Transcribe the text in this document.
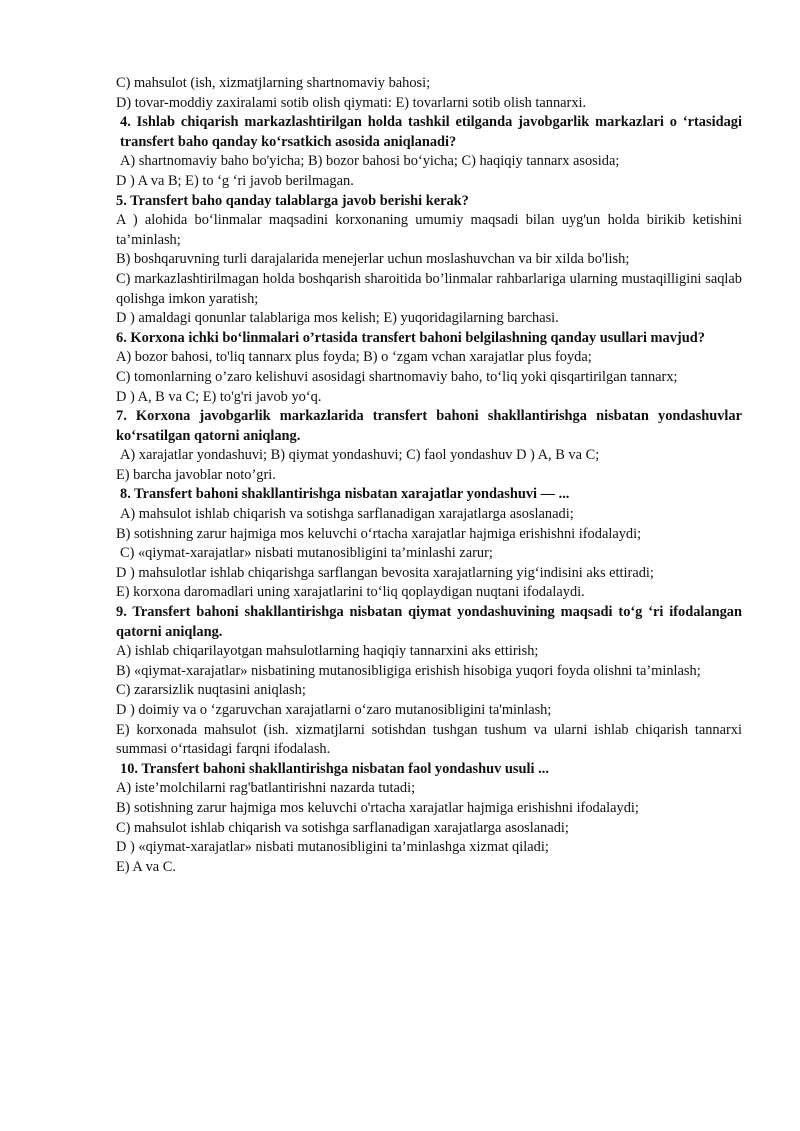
C) mahsulot (ish, xizmatjlarning shartnomaviy bahosi;

D) tovar-moddiy zaxiralami sotib olish qiymati: E) tovarlarni sotib olish tannarxi.

4. Ishlab chiqarish markazlashtirilgan holda tashkil etilganda javobgarlik markazlari o ‘rtasidagi transfert baho qanday ko‘rsatkich asosida aniqlanadi?

A) shartnomaviy baho bo'yicha; B) bozor bahosi bo‘yicha; C) haqiqiy tannarx asosida;

D ) A va B; E) to ‘g ‘ri javob berilmagan.

5. Transfert baho qanday talablarga javob berishi kerak?

A ) alohida bo‘linmalar maqsadini korxonaning umumiy maqsadi bilan uyg'un holda birikib ketishini ta’minlash;

B) boshqaruvning turli darajalarida menejerlar uchun moslashuvchan va bir xilda bo'lish;

C) markazlashtirilmagan holda boshqarish sharoitida bo’linmalar rahbarlariga ularning mustaqilligini saqlab qolishga imkon yaratish;

D ) amaldagi qonunlar talablariga mos kelish; E) yuqoridagilarning barchasi.

6. Korxona ichki bo‘linmalari o’rtasida transfert bahoni belgilashning qanday usullari mavjud?

A) bozor bahosi, to'liq tannarx plus foyda; B) o ‘zgam vchan xarajatlar plus foyda;

C) tomonlarning o’zaro kelishuvi asosidagi shartnomaviy baho, to‘liq yoki qisqartirilgan tannarx;

D ) A, B va C; E) to'g'ri javob yo‘q.

7. Korxona javobgarlik markazlarida transfert bahoni shakllantirishga nisbatan yondashuvlar ko‘rsatilgan qatorni aniqlang.

A) xarajatlar yondashuvi; B) qiymat yondashuvi; C) faol yondashuv D ) A, B va C;

E) barcha javoblar noto’gri.

8. Transfert bahoni shakllantirishga nisbatan xarajatlar yondashuvi — ...

A) mahsulot ishlab chiqarish va sotishga sarflanadigan xarajatlarga asoslanadi;

B) sotishning zarur hajmiga mos keluvchi o‘rtacha xarajatlar hajmiga erishishni ifodalaydi;

C) «qiymat-xarajatlar» nisbati mutanosibligini ta’minlashi zarur;

D ) mahsulotlar ishlab chiqarishga sarflangan bevosita xarajatlarning yig‘indisini aks ettiradi;

E) korxona daromadlari uning xarajatlarini to‘liq qoplaydigan nuqtani ifodalaydi.

9. Transfert bahoni shakllantirishga nisbatan qiymat yondashuvining maqsadi to‘g ‘ri ifodalangan qatorni aniqlang.

A) ishlab chiqarilayotgan mahsulotlarning haqiqiy tannarxini aks ettirish;

B) «qiymat-xarajatlar» nisbatining mutanosibligiga erishish hisobiga yuqori foyda olishni ta’minlash;

C) zararsizlik nuqtasini aniqlash;

D ) doimiy va o ‘zgaruvchan xarajatlarni o‘zaro mutanosibligini ta'minlash;

E) korxonada mahsulot (ish. xizmatjlarni sotishdan tushgan tushum va ularni ishlab chiqarish tannarxi summasi o‘rtasidagi farqni ifodalash.

10. Transfert bahoni shakllantirishga nisbatan faol yondashuv usuli ...

A) iste’molchilarni rag'batlantirishni nazarda tutadi;

B) sotishning zarur hajmiga mos keluvchi o'rtacha xarajatlar hajmiga erishishni ifodalaydi;

C) mahsulot ishlab chiqarish va sotishga sarflanadigan xarajatlarga asoslanadi;

D ) «qiymat-xarajatlar» nisbati mutanosibligini ta’minlashga xizmat qiladi;

E) A va C.
